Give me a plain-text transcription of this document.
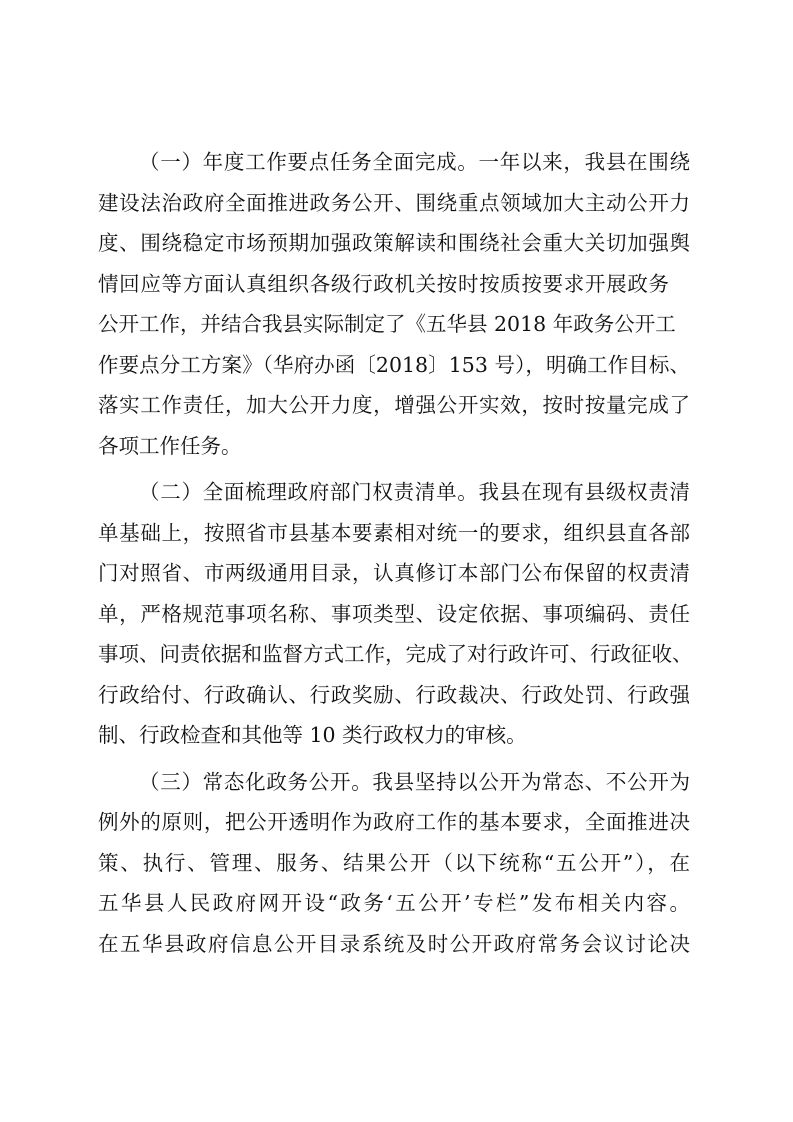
（一）年度工作要点任务全面完成。一年以来，我县在围绕
建设法治政府全面推进政务公开、围绕重点领域加大主动公开力
度、围绕稳定市场预期加强政策解读和围绕社会重大关切加强舆
情回应等方面认真组织各级行政机关按时按质按要求开展政务
公开工作，并结合我县实际制定了《五华县 2018 年政务公开工
作要点分工方案》（华府办函〔2018〕153 号），明确工作目标、
落实工作责任，加大公开力度，增强公开实效，按时按量完成了
各项工作任务。
（二）全面梳理政府部门权责清单。我县在现有县级权责清
单基础上，按照省市县基本要素相对统一的要求，组织县直各部
门对照省、市两级通用目录，认真修订本部门公布保留的权责清
单，严格规范事项名称、事项类型、设定依据、事项编码、责任
事项、问责依据和监督方式工作，完成了对行政许可、行政征收、
行政给付、行政确认、行政奖励、行政裁决、行政处罚、行政强
制、行政检查和其他等 10 类行政权力的审核。
（三）常态化政务公开。我县坚持以公开为常态、不公开为
例外的原则，把公开透明作为政府工作的基本要求，全面推进决
策、执行、管理、服务、结果公开（以下统称“五公开”），在
五华县人民政府网开设“政务‘五公开’专栏”发布相关内容。
在五华县政府信息公开目录系统及时公开政府常务会议讨论决
